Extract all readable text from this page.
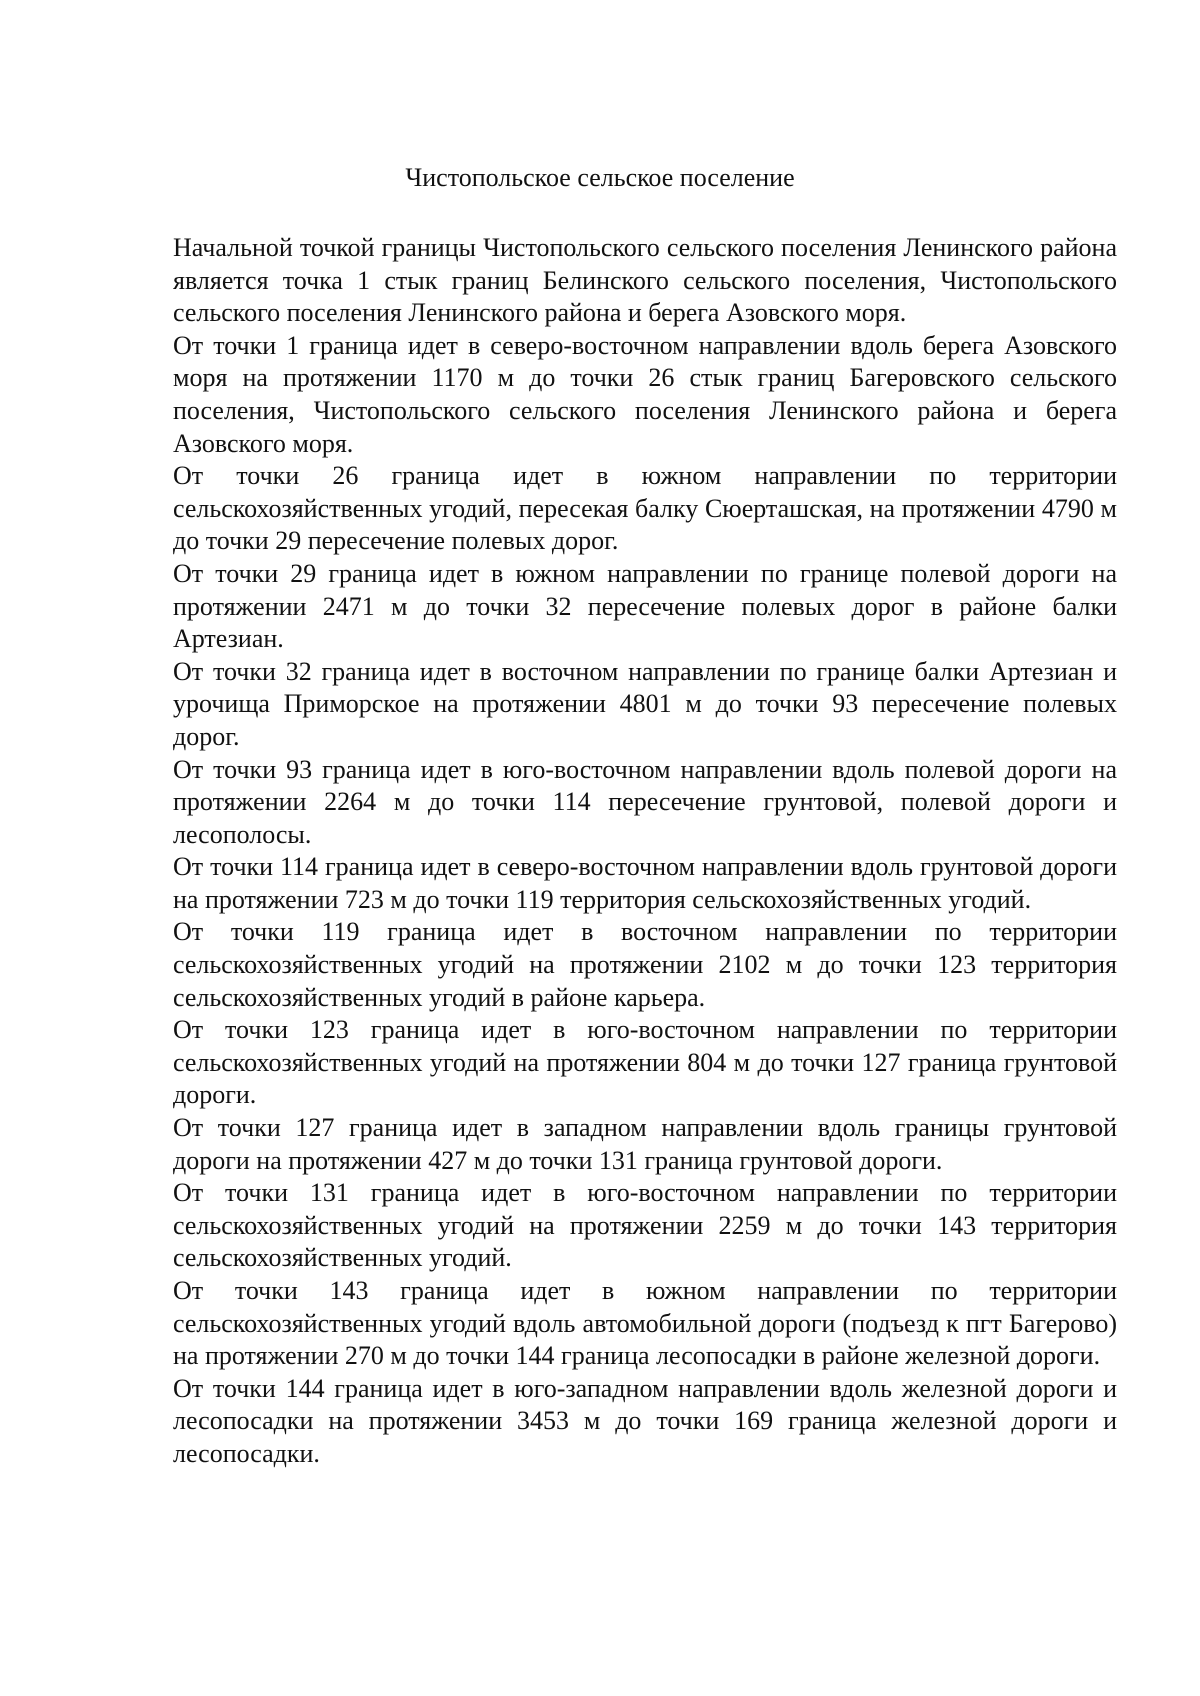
Чистопольское сельское поселение

Начальной точкой границы Чистопольского сельского поселения Ленинского района является точка 1 стык границ Белинского сельского поселения, Чистопольского сельского поселения Ленинского района и берега Азовского моря.

От точки 1 граница идет в северо-восточном направлении вдоль берега Азовского моря на протяжении 1170 м до точки 26 стык границ Багеровского сельского поселения, Чистопольского сельского поселения Ленинского района и берега Азовского моря.

От точки 26 граница идет в южном направлении по территории сельскохозяйственных угодий, пересекая балку Сюерташская, на протяжении 4790 м до точки 29 пересечение полевых дорог.

От точки 29 граница идет в южном направлении по границе полевой дороги на протяжении 2471 м до точки 32 пересечение полевых дорог в районе балки Артезиан.

От точки 32 граница идет в восточном направлении по границе балки Артезиан и урочища Приморское на протяжении 4801 м до точки 93 пересечение полевых дорог.

От точки 93 граница идет в юго-восточном направлении вдоль полевой дороги на протяжении 2264 м до точки 114 пересечение грунтовой, полевой дороги и лесополосы.

От точки 114 граница идет в северо-восточном направлении вдоль грунтовой дороги на протяжении 723 м до точки 119 территория сельскохозяйственных угодий.

От точки 119 граница идет в восточном направлении по территории сельскохозяйственных угодий на протяжении 2102 м до точки 123 территория сельскохозяйственных угодий в районе карьера.

От точки 123 граница идет в юго-восточном направлении по территории сельскохозяйственных угодий на протяжении 804 м до точки 127 граница грунтовой дороги.

От точки 127 граница идет в западном направлении вдоль границы грунтовой дороги на протяжении 427 м до точки 131 граница грунтовой дороги.

От точки 131 граница идет в юго-восточном направлении по территории сельскохозяйственных угодий на протяжении 2259 м до точки 143 территория сельскохозяйственных угодий.

От точки 143 граница идет в южном направлении по территории сельскохозяйственных угодий вдоль автомобильной дороги (подъезд к пгт Багерово) на протяжении 270 м до точки 144 граница лесопосадки в районе железной дороги.

От точки 144 граница идет в юго-западном направлении вдоль железной дороги и лесопосадки на протяжении 3453 м до точки 169 граница железной дороги и лесопосадки.
